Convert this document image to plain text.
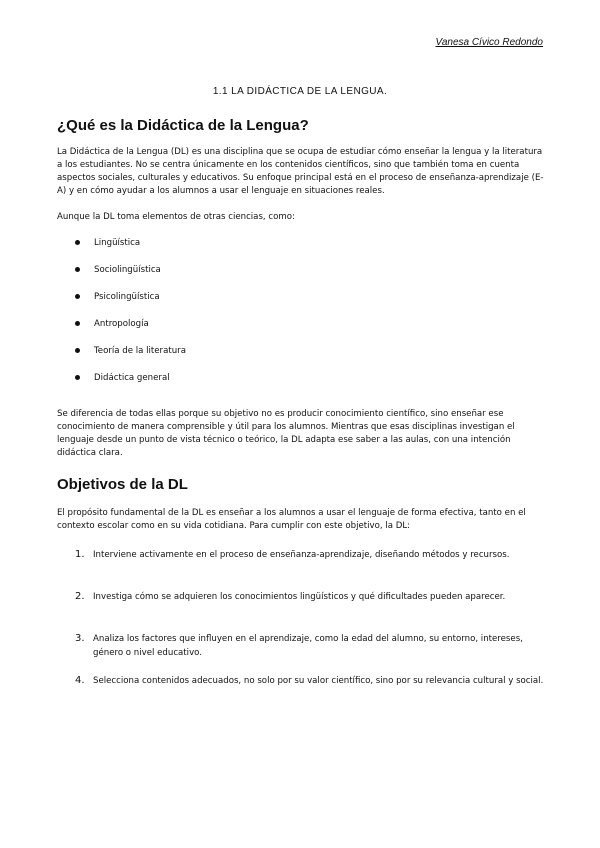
Vanesa Cívico Redondo
1.1 LA DIDÁCTICA DE LA LENGUA.
¿Qué es la Didáctica de la Lengua?
La Didáctica de la Lengua (DL) es una disciplina que se ocupa de estudiar cómo enseñar la lengua y la literatura a los estudiantes. No se centra únicamente en los contenidos científicos, sino que también toma en cuenta aspectos sociales, culturales y educativos. Su enfoque principal está en el proceso de enseñanza-aprendizaje (E-A) y en cómo ayudar a los alumnos a usar el lenguaje en situaciones reales.
Aunque la DL toma elementos de otras ciencias, como:
Lingüística
Sociolingüística
Psicolingüística
Antropología
Teoría de la literatura
Didáctica general
Se diferencia de todas ellas porque su objetivo no es producir conocimiento científico, sino enseñar ese conocimiento de manera comprensible y útil para los alumnos. Mientras que esas disciplinas investigan el lenguaje desde un punto de vista técnico o teórico, la DL adapta ese saber a las aulas, con una intención didáctica clara.
Objetivos de la DL
El propósito fundamental de la DL es enseñar a los alumnos a usar el lenguaje de forma efectiva, tanto en el contexto escolar como en su vida cotidiana. Para cumplir con este objetivo, la DL:
1. Interviene activamente en el proceso de enseñanza-aprendizaje, diseñando métodos y recursos.
2. Investiga cómo se adquieren los conocimientos lingüísticos y qué dificultades pueden aparecer.
3. Analiza los factores que influyen en el aprendizaje, como la edad del alumno, su entorno, intereses, género o nivel educativo.
4. Selecciona contenidos adecuados, no solo por su valor científico, sino por su relevancia cultural y social.
